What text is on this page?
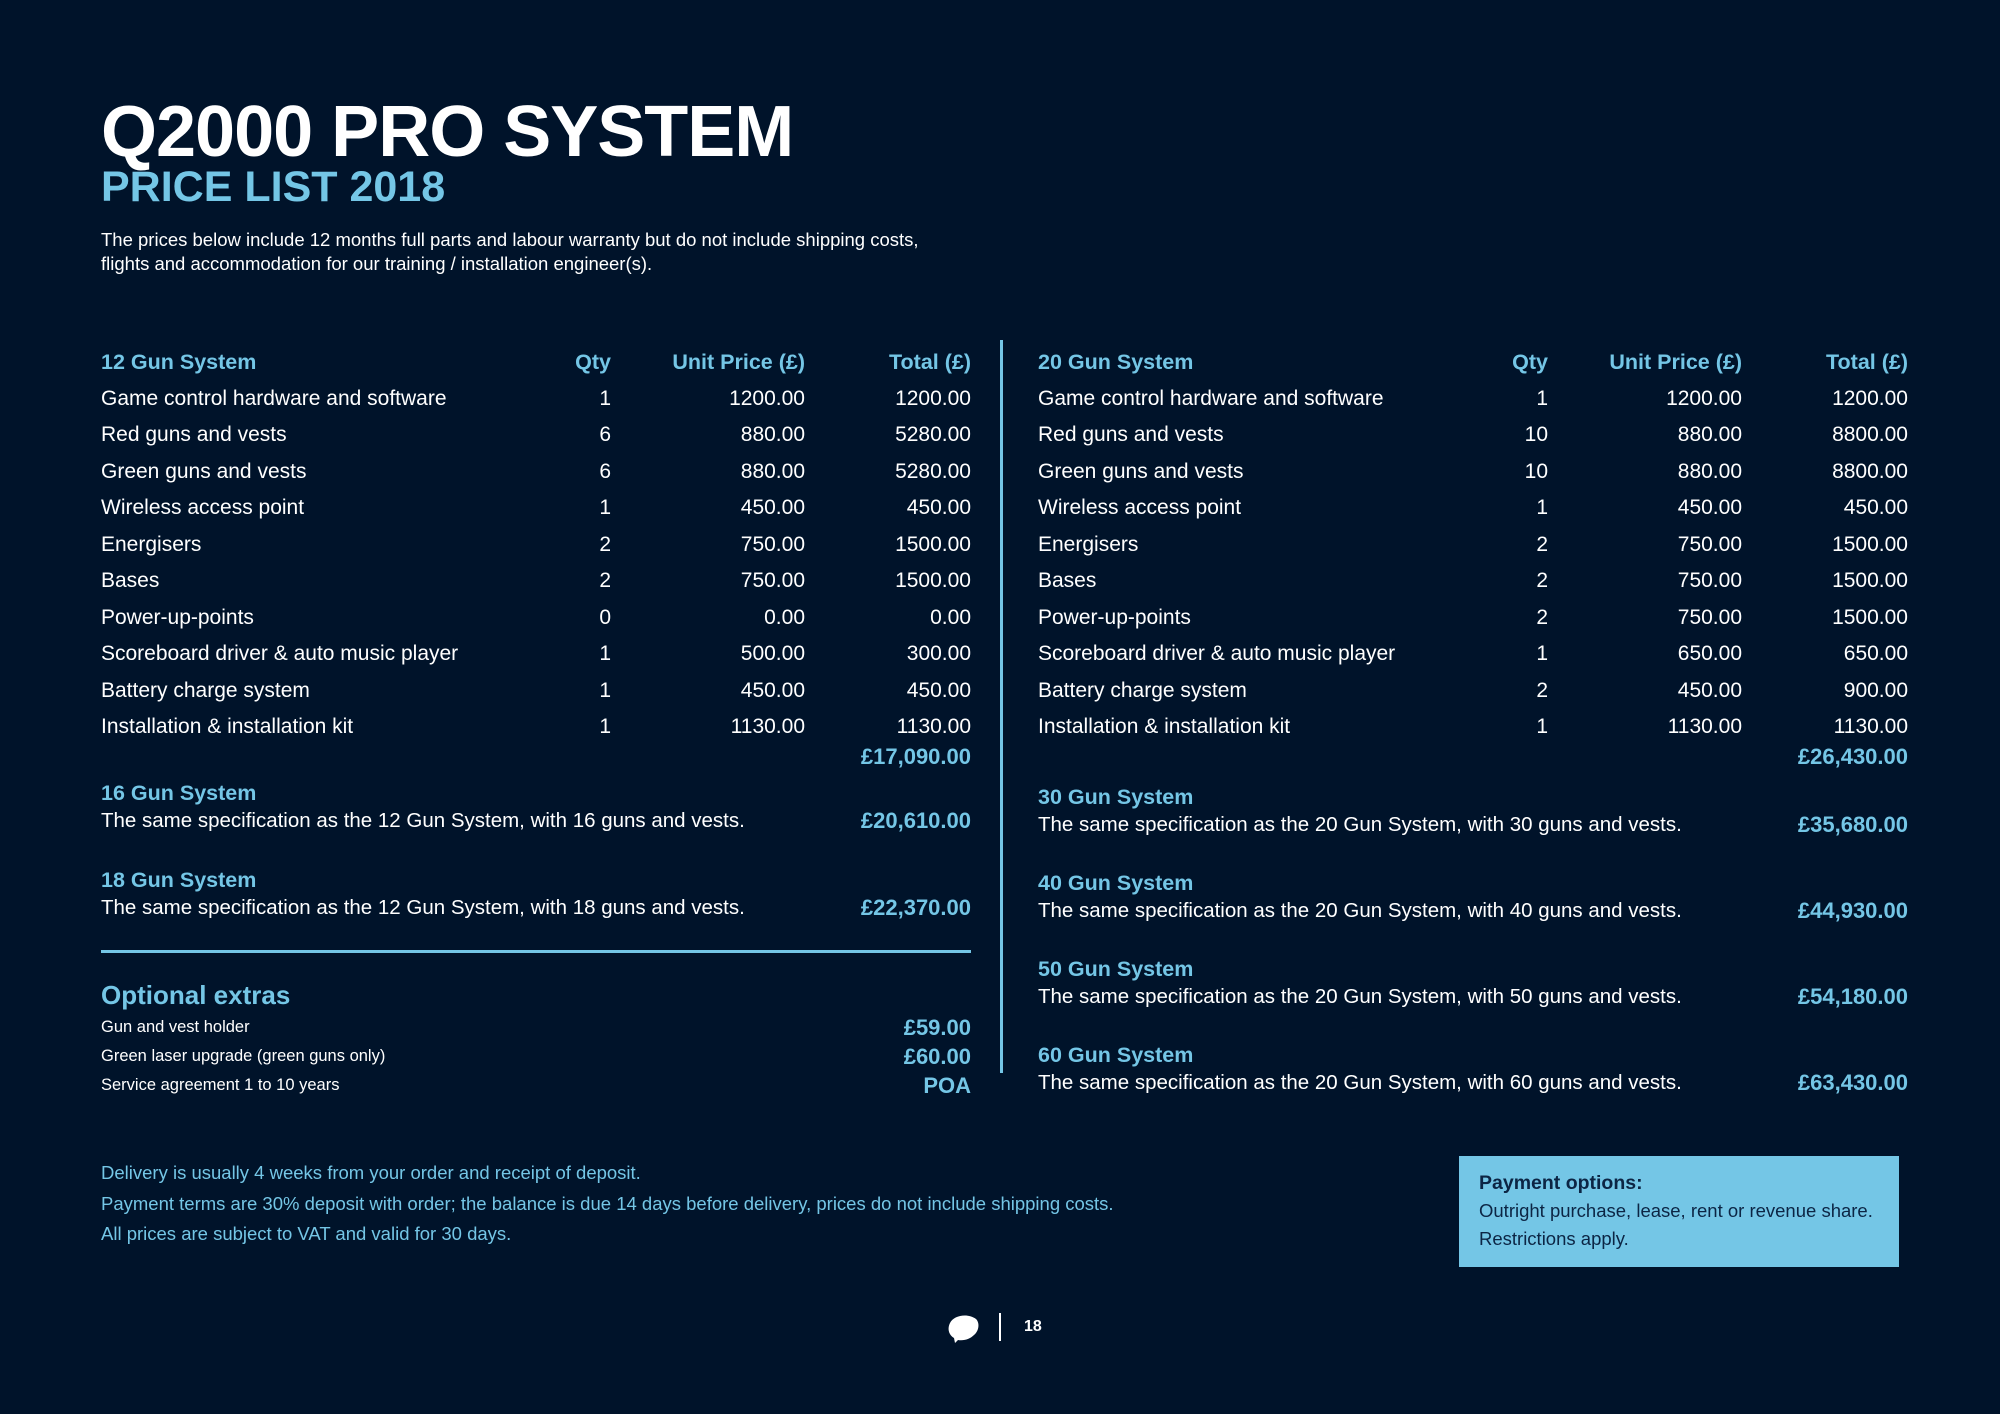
Q2000 PRO SYSTEM
PRICE LIST 2018
The prices below include 12 months full parts and labour warranty but do not include shipping costs,
flights and accommodation for our training / installation engineer(s).
12 Gun System	Qty	Unit Price (£)	Total (£)
Game control hardware and software	1	1200.00	1200.00
Red guns and vests	6	880.00	5280.00
Green guns and vests	6	880.00	5280.00
Wireless access point	1	450.00	450.00
Energisers	2	750.00	1500.00
Bases	2	750.00	1500.00
Power-up-points	0	0.00	0.00
Scoreboard driver & auto music player	1	500.00	300.00
Battery charge system	1	450.00	450.00
Installation & installation kit	1	1130.00	1130.00
£17,090.00
16 Gun System
The same specification as the 12 Gun System, with 16 guns and vests.	£20,610.00
18 Gun System
The same specification as the 12 Gun System, with 18 guns and vests.	£22,370.00
Optional extras
Gun and vest holder	£59.00
Green laser upgrade (green guns only)	£60.00
Service agreement 1 to 10 years	POA
20 Gun System	Qty	Unit Price (£)	Total (£)
Game control hardware and software	1	1200.00	1200.00
Red guns and vests	10	880.00	8800.00
Green guns and vests	10	880.00	8800.00
Wireless access point	1	450.00	450.00
Energisers	2	750.00	1500.00
Bases	2	750.00	1500.00
Power-up-points	2	750.00	1500.00
Scoreboard driver & auto music player	1	650.00	650.00
Battery charge system	2	450.00	900.00
Installation & installation kit	1	1130.00	1130.00
£26,430.00
30 Gun System
The same specification as the 20 Gun System, with 30 guns and vests.	£35,680.00
40 Gun System
The same specification as the 20 Gun System, with 40 guns and vests.	£44,930.00
50 Gun System
The same specification as the 20 Gun System, with 50 guns and vests.	£54,180.00
60 Gun System
The same specification as the 20 Gun System, with 60 guns and vests.	£63,430.00
Delivery is usually 4 weeks from your order and receipt of deposit.
Payment terms are 30% deposit with order; the balance is due 14 days before delivery, prices do not include shipping costs.
All prices are subject to VAT and valid for 30 days.
Payment options:
Outright purchase, lease, rent or revenue share.
Restrictions apply.
18
